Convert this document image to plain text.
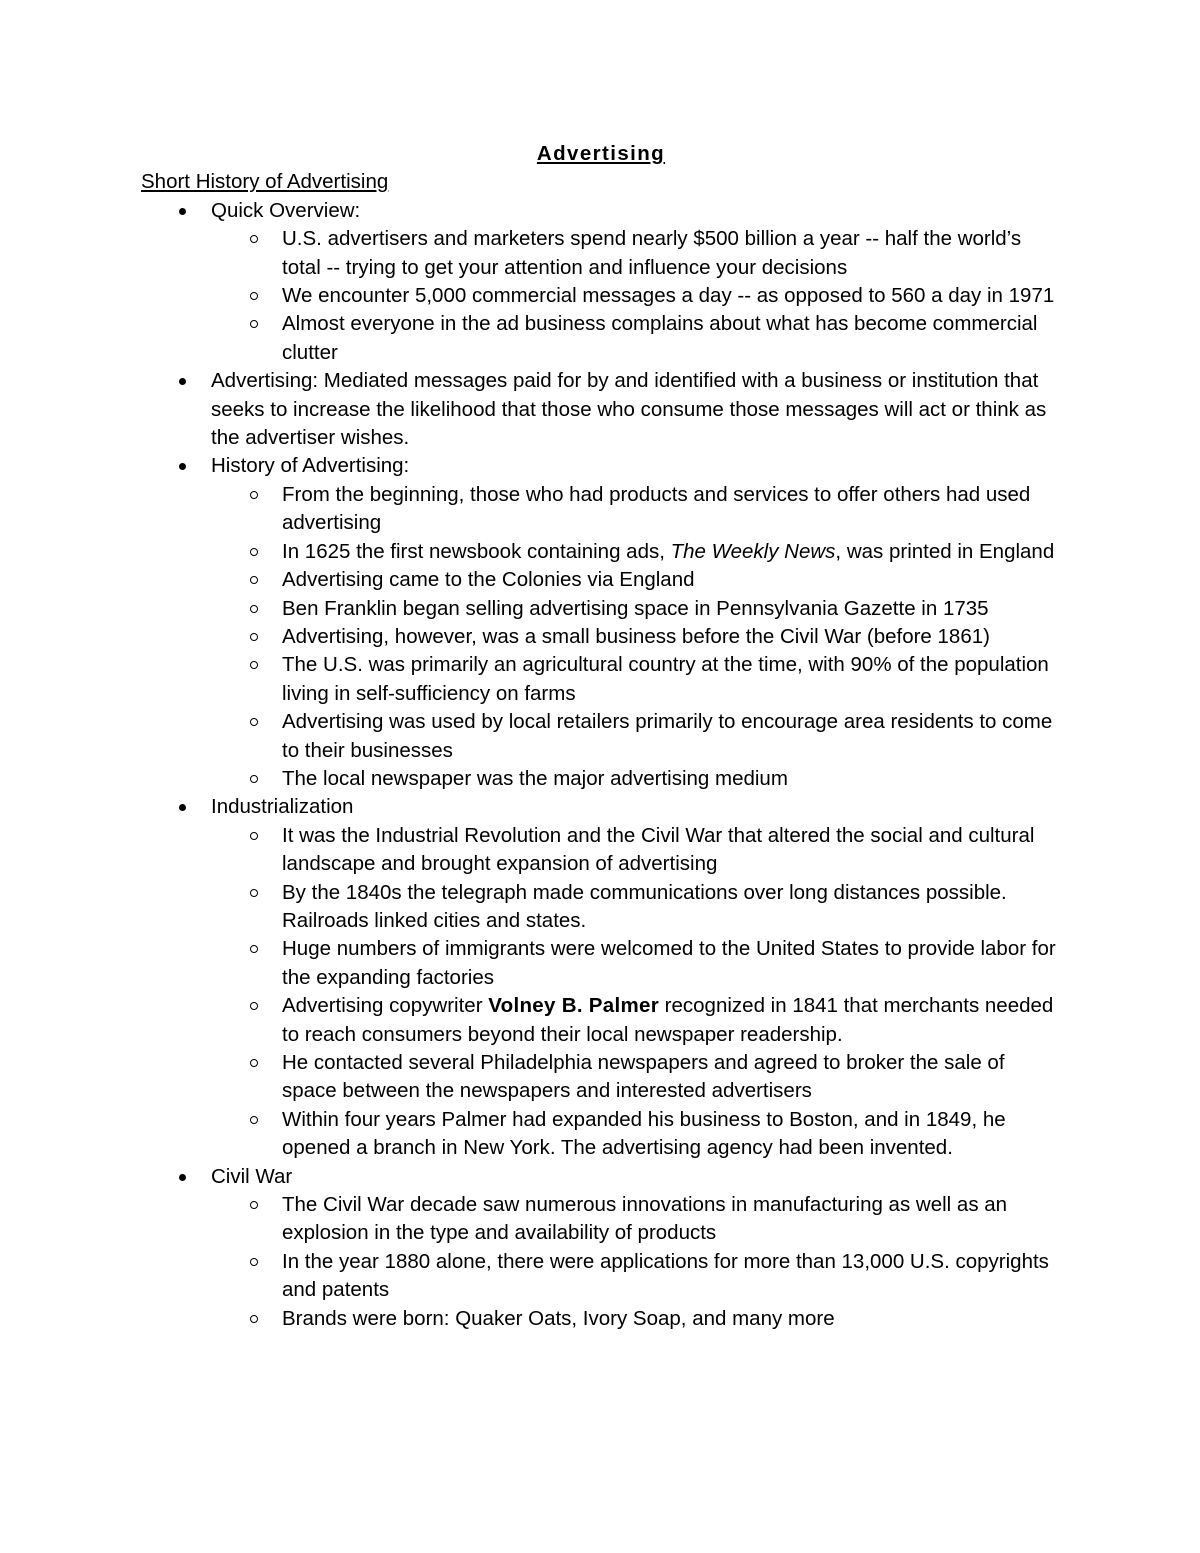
Advertising

Short History of Advertising

Quick Overview:
U.S. advertisers and marketers spend nearly $500 billion a year -- half the world’s total -- trying to get your attention and influence your decisions
We encounter 5,000 commercial messages a day -- as opposed to 560 a day in 1971
Almost everyone in the ad business complains about what has become commercial clutter
Advertising: Mediated messages paid for by and identified with a business or institution that seeks to increase the likelihood that those who consume those messages will act or think as the advertiser wishes.
History of Advertising:
From the beginning, those who had products and services to offer others had used advertising
In 1625 the first newsbook containing ads, The Weekly News, was printed in England
Advertising came to the Colonies via England
Ben Franklin began selling advertising space in Pennsylvania Gazette in 1735
Advertising, however, was a small business before the Civil War (before 1861)
The U.S. was primarily an agricultural country at the time, with 90% of the population living in self-sufficiency on farms
Advertising was used by local retailers primarily to encourage area residents to come to their businesses
The local newspaper was the major advertising medium
Industrialization
It was the Industrial Revolution and the Civil War that altered the social and cultural landscape and brought expansion of advertising
By the 1840s the telegraph made communications over long distances possible. Railroads linked cities and states.
Huge numbers of immigrants were welcomed to the United States to provide labor for the expanding factories
Advertising copywriter Volney B. Palmer recognized in 1841 that merchants needed to reach consumers beyond their local newspaper readership.
He contacted several Philadelphia newspapers and agreed to broker the sale of space between the newspapers and interested advertisers
Within four years Palmer had expanded his business to Boston, and in 1849, he opened a branch in New York. The advertising agency had been invented.
Civil War
The Civil War decade saw numerous innovations in manufacturing as well as an explosion in the type and availability of products
In the year 1880 alone, there were applications for more than 13,000 U.S. copyrights and patents
Brands were born: Quaker Oats, Ivory Soap, and many more
